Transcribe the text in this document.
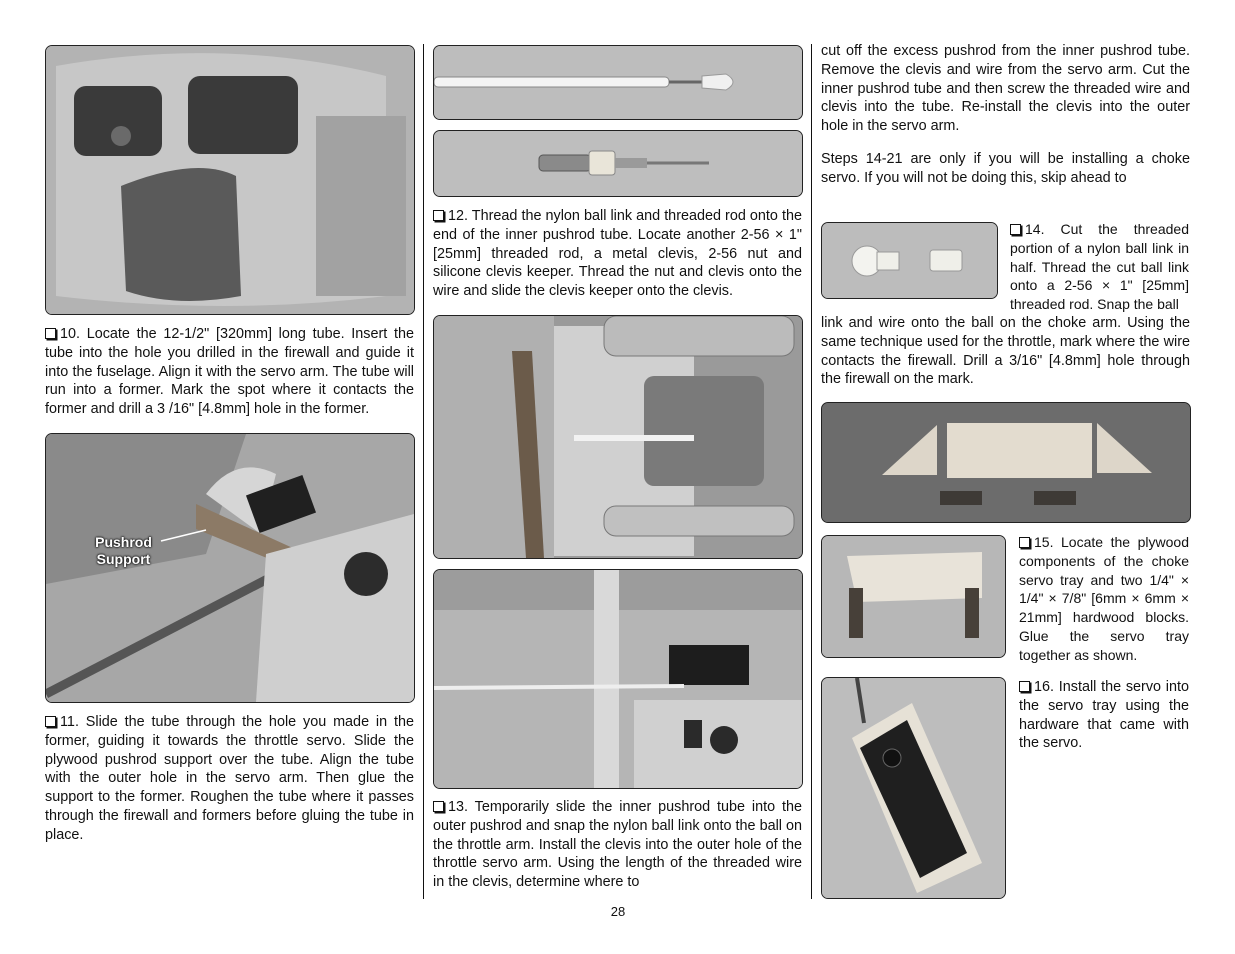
10. Locate the 12-1/2" [320mm] long tube. Insert the tube into the hole you drilled in the firewall and guide it into the fuselage. Align it with the servo arm. The tube will run into a former. Mark the spot where it contacts the former and drill a 3 /16" [4.8mm] hole in the former.

Pushrod
Support

11. Slide the tube through the hole you made in the former, guiding it towards the throttle servo. Slide the plywood pushrod support over the tube. Align the tube with the outer hole in the servo arm. Then glue the support to the former. Roughen the tube where it passes through the firewall and formers before gluing the tube in place.

12. Thread the nylon ball link and threaded rod onto the end of the inner pushrod tube. Locate another 2-56 × 1" [25mm] threaded rod, a metal clevis, 2-56 nut and silicone clevis keeper. Thread the nut and clevis onto the wire and slide the clevis keeper onto the clevis.

13. Temporarily slide the inner pushrod tube into the outer pushrod and snap the nylon ball link onto the ball on the throttle arm. Install the clevis into the outer hole of the throttle servo arm. Using the length of the threaded wire in the clevis, determine where to

cut off the excess pushrod from the inner pushrod tube. Remove the clevis and wire from the servo arm. Cut the inner pushrod tube and then screw the threaded wire and clevis into the tube. Re-install the clevis into the outer hole in the servo arm.

Steps 14-21 are only if you will be installing a choke servo. If you will not be doing this, skip ahead to

14. Cut the threaded portion of a nylon ball link in half. Thread the cut ball link onto a 2-56 × 1" [25mm] threaded rod. Snap the ball

link and wire onto the ball on the choke arm. Using the same technique used for the throttle, mark where the wire contacts the firewall. Drill a 3/16" [4.8mm] hole through the firewall on the mark.

15. Locate the plywood components of the choke servo tray and two 1/4" × 1/4" × 7/8" [6mm × 6mm × 21mm] hardwood blocks. Glue the servo tray together as shown.

16. Install the servo into the servo tray using the hardware that came with the servo.

28
